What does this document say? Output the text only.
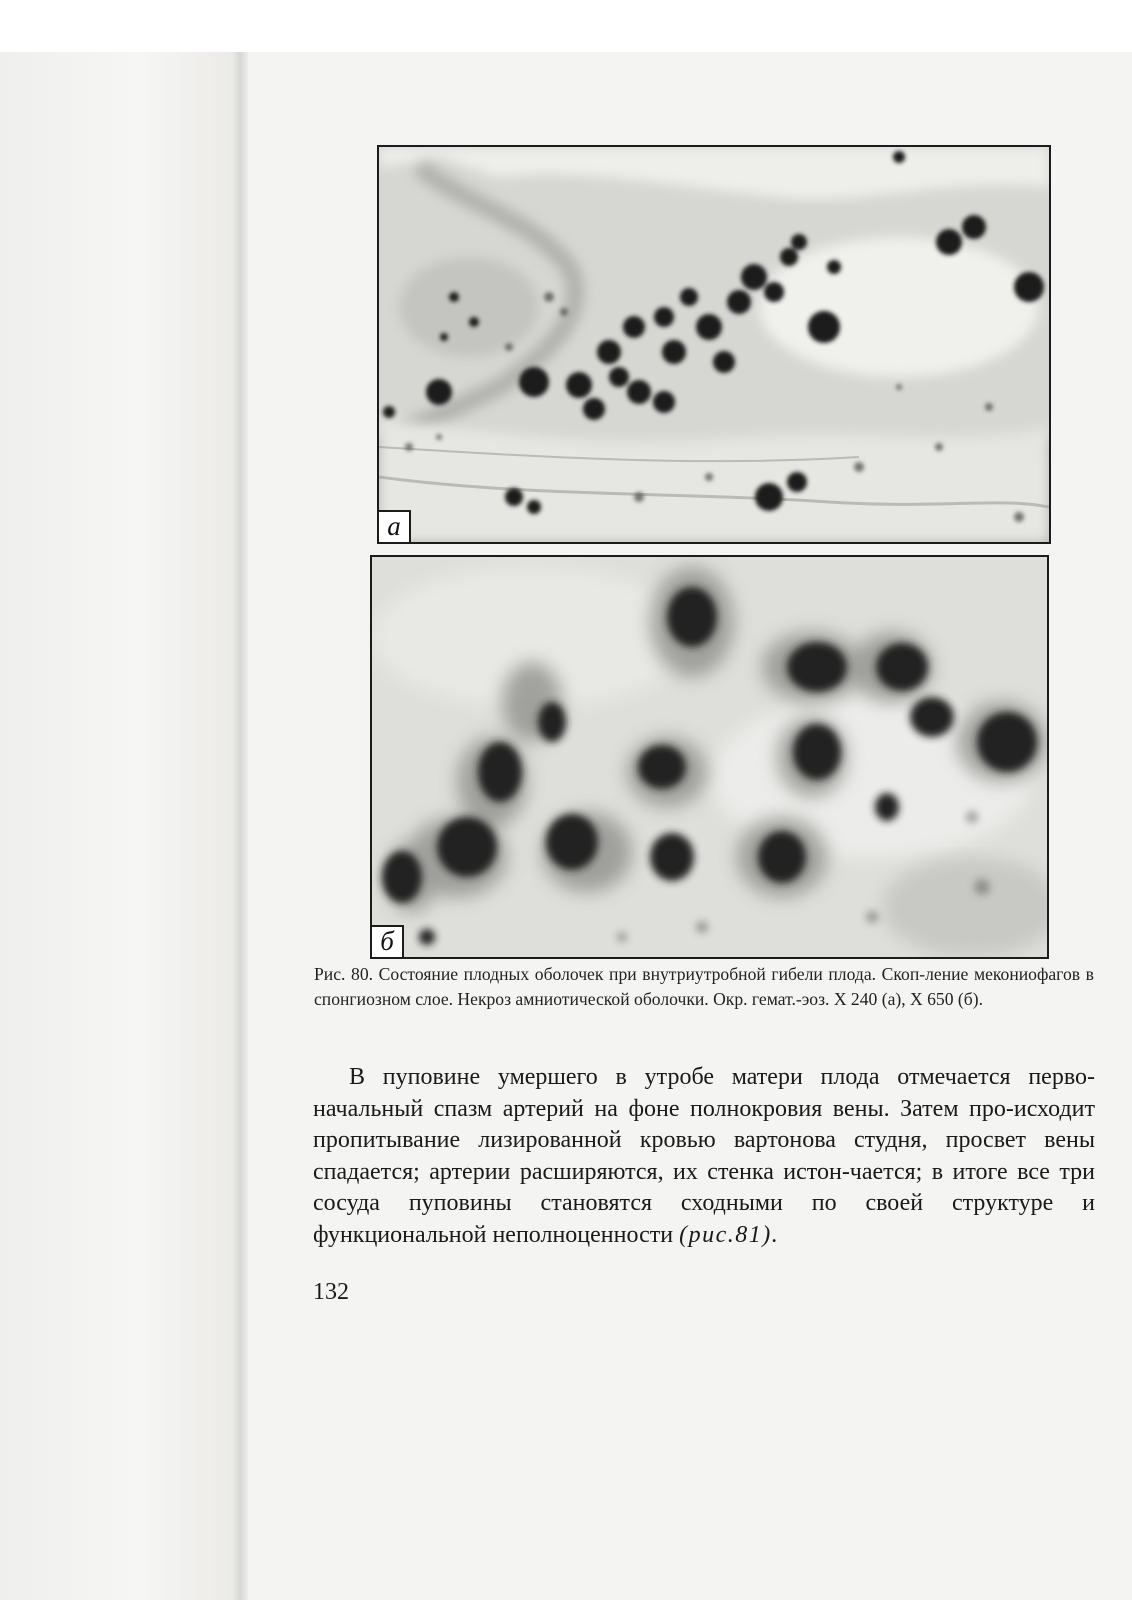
а
б

Рис. 80. Состояние плодных оболочек при внутриутробной гибели плода. Скоп-ление мекониофагов в спонгиозном слое. Некроз амниотической оболочки. Окр. гемат.-эоз. Х 240 (а), Х 650 (б).

В пуповине умершего в утробе матери плода отмечается перво-начальный спазм артерий на фоне полнокровия вены. Затем про-исходит пропитывание лизированной кровью вартонова студня, просвет вены спадается; артерии расширяются, их стенка истон-чается; в итоге все три сосуда пуповины становятся сходными по своей структуре и функциональной неполноценности (рис.81).

132
